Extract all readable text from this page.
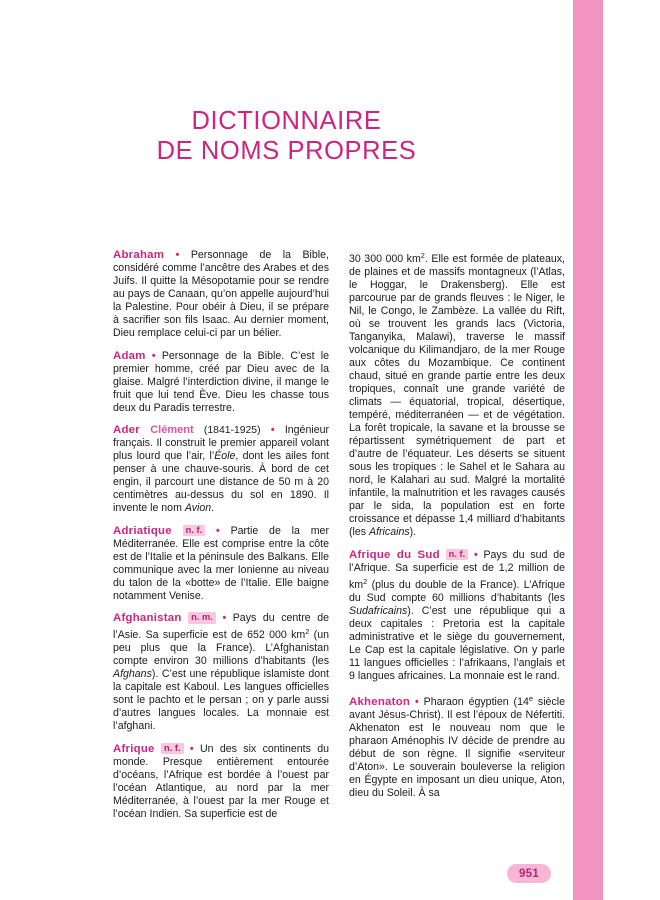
DICTIONNAIRE
DE NOMS PROPRES
Abraham • Personnage de la Bible, considéré comme l’ancêtre des Arabes et des Juifs. Il quitte la Mésopotamie pour se rendre au pays de Canaan, qu’on appelle aujourd’hui la Palestine. Pour obéir à Dieu, il se prépare à sacrifier son fils Isaac. Au dernier moment, Dieu remplace celui-ci par un bélier.
Adam • Personnage de la Bible. C’est le premier homme, créé par Dieu avec de la glaise. Malgré l’interdiction divine, il mange le fruit que lui tend Ève. Dieu les chasse tous deux du Paradis terrestre.
Ader Clément (1841-1925) • Ingénieur français. Il construit le premier appareil volant plus lourd que l’air, l’Éole, dont les ailes font penser à une chauve-souris. À bord de cet engin, il parcourt une distance de 50 m à 20 centimètres au-dessus du sol en 1890. Il invente le nom Avion.
Adriatique n. f. • Partie de la mer Méditerranée. Elle est comprise entre la côte est de l’Italie et la péninsule des Balkans. Elle communique avec la mer Ionienne au niveau du talon de la «botte» de l’Italie. Elle baigne notamment Venise.
Afghanistan n. m. • Pays du centre de l’Asie. Sa superficie est de 652 000 $km^2$ (un peu plus que la France). L’Afghanistan compte environ 30 millions d’habitants (les Afghans). C’est une république islamiste dont la capitale est Kaboul. Les langues officielles sont le pachto et le persan ; on y parle aussi d’autres langues locales. La monnaie est l’afghani.
Afrique n. f. • Un des six continents du monde. Presque entièrement entourée d’océans, l’Afrique est bordée à l’ouest par l’océan Atlantique, au nord par la mer Méditerranée, à l’ouest par la mer Rouge et l’océan Indien. Sa superficie est de
30 300 000 $km^2$. Elle est formée de plateaux, de plaines et de massifs montagneux (l’Atlas, le Hoggar, le Drakensberg). Elle est parcourue par de grands fleuves : le Niger, le Nil, le Congo, le Zambèze. La vallée du Rift, où se trouvent les grands lacs (Victoria, Tanganyika, Malawi), traverse le massif volcanique du Kilimandjaro, de la mer Rouge aux côtes du Mozambique. Ce continent chaud, situé en grande partie entre les deux tropiques, connaît une grande variété de climats — équatorial, tropical, désertique, tempéré, méditerranéen — et de végétation. La forêt tropicale, la savane et la brousse se répartissent symétriquement de part et d’autre de l’équateur. Les déserts se situent sous les tropiques : le Sahel et le Sahara au nord, le Kalahari au sud. Malgré la mortalité infantile, la malnutrition et les ravages causés par le sida, la population est en forte croissance et dépasse 1,4 milliard d’habitants (les Africains).
Afrique du Sud n. f. • Pays du sud de l’Afrique. Sa superficie est de 1,2 million de $km^2$ (plus du double de la France). L’Afrique du Sud compte 60 millions d’habitants (les Sudafricains). C’est une république qui a deux capitales : Pretoria est la capitale administrative et le siège du gouvernement, Le Cap est la capitale législative. On y parle 11 langues officielles : l’afrikaans, l’anglais et 9 langues africaines. La monnaie est le rand.
Akhenaton • Pharaon égyptien (14e siècle avant Jésus-Christ). Il est l’époux de Néfertiti. Akhenaton est le nouveau nom que le pharaon Aménophis IV décide de prendre au début de son règne. Il signifie «serviteur d’Aton». Le souverain bouleverse la religion en Égypte en imposant un dieu unique, Aton, dieu du Soleil. À sa
951
